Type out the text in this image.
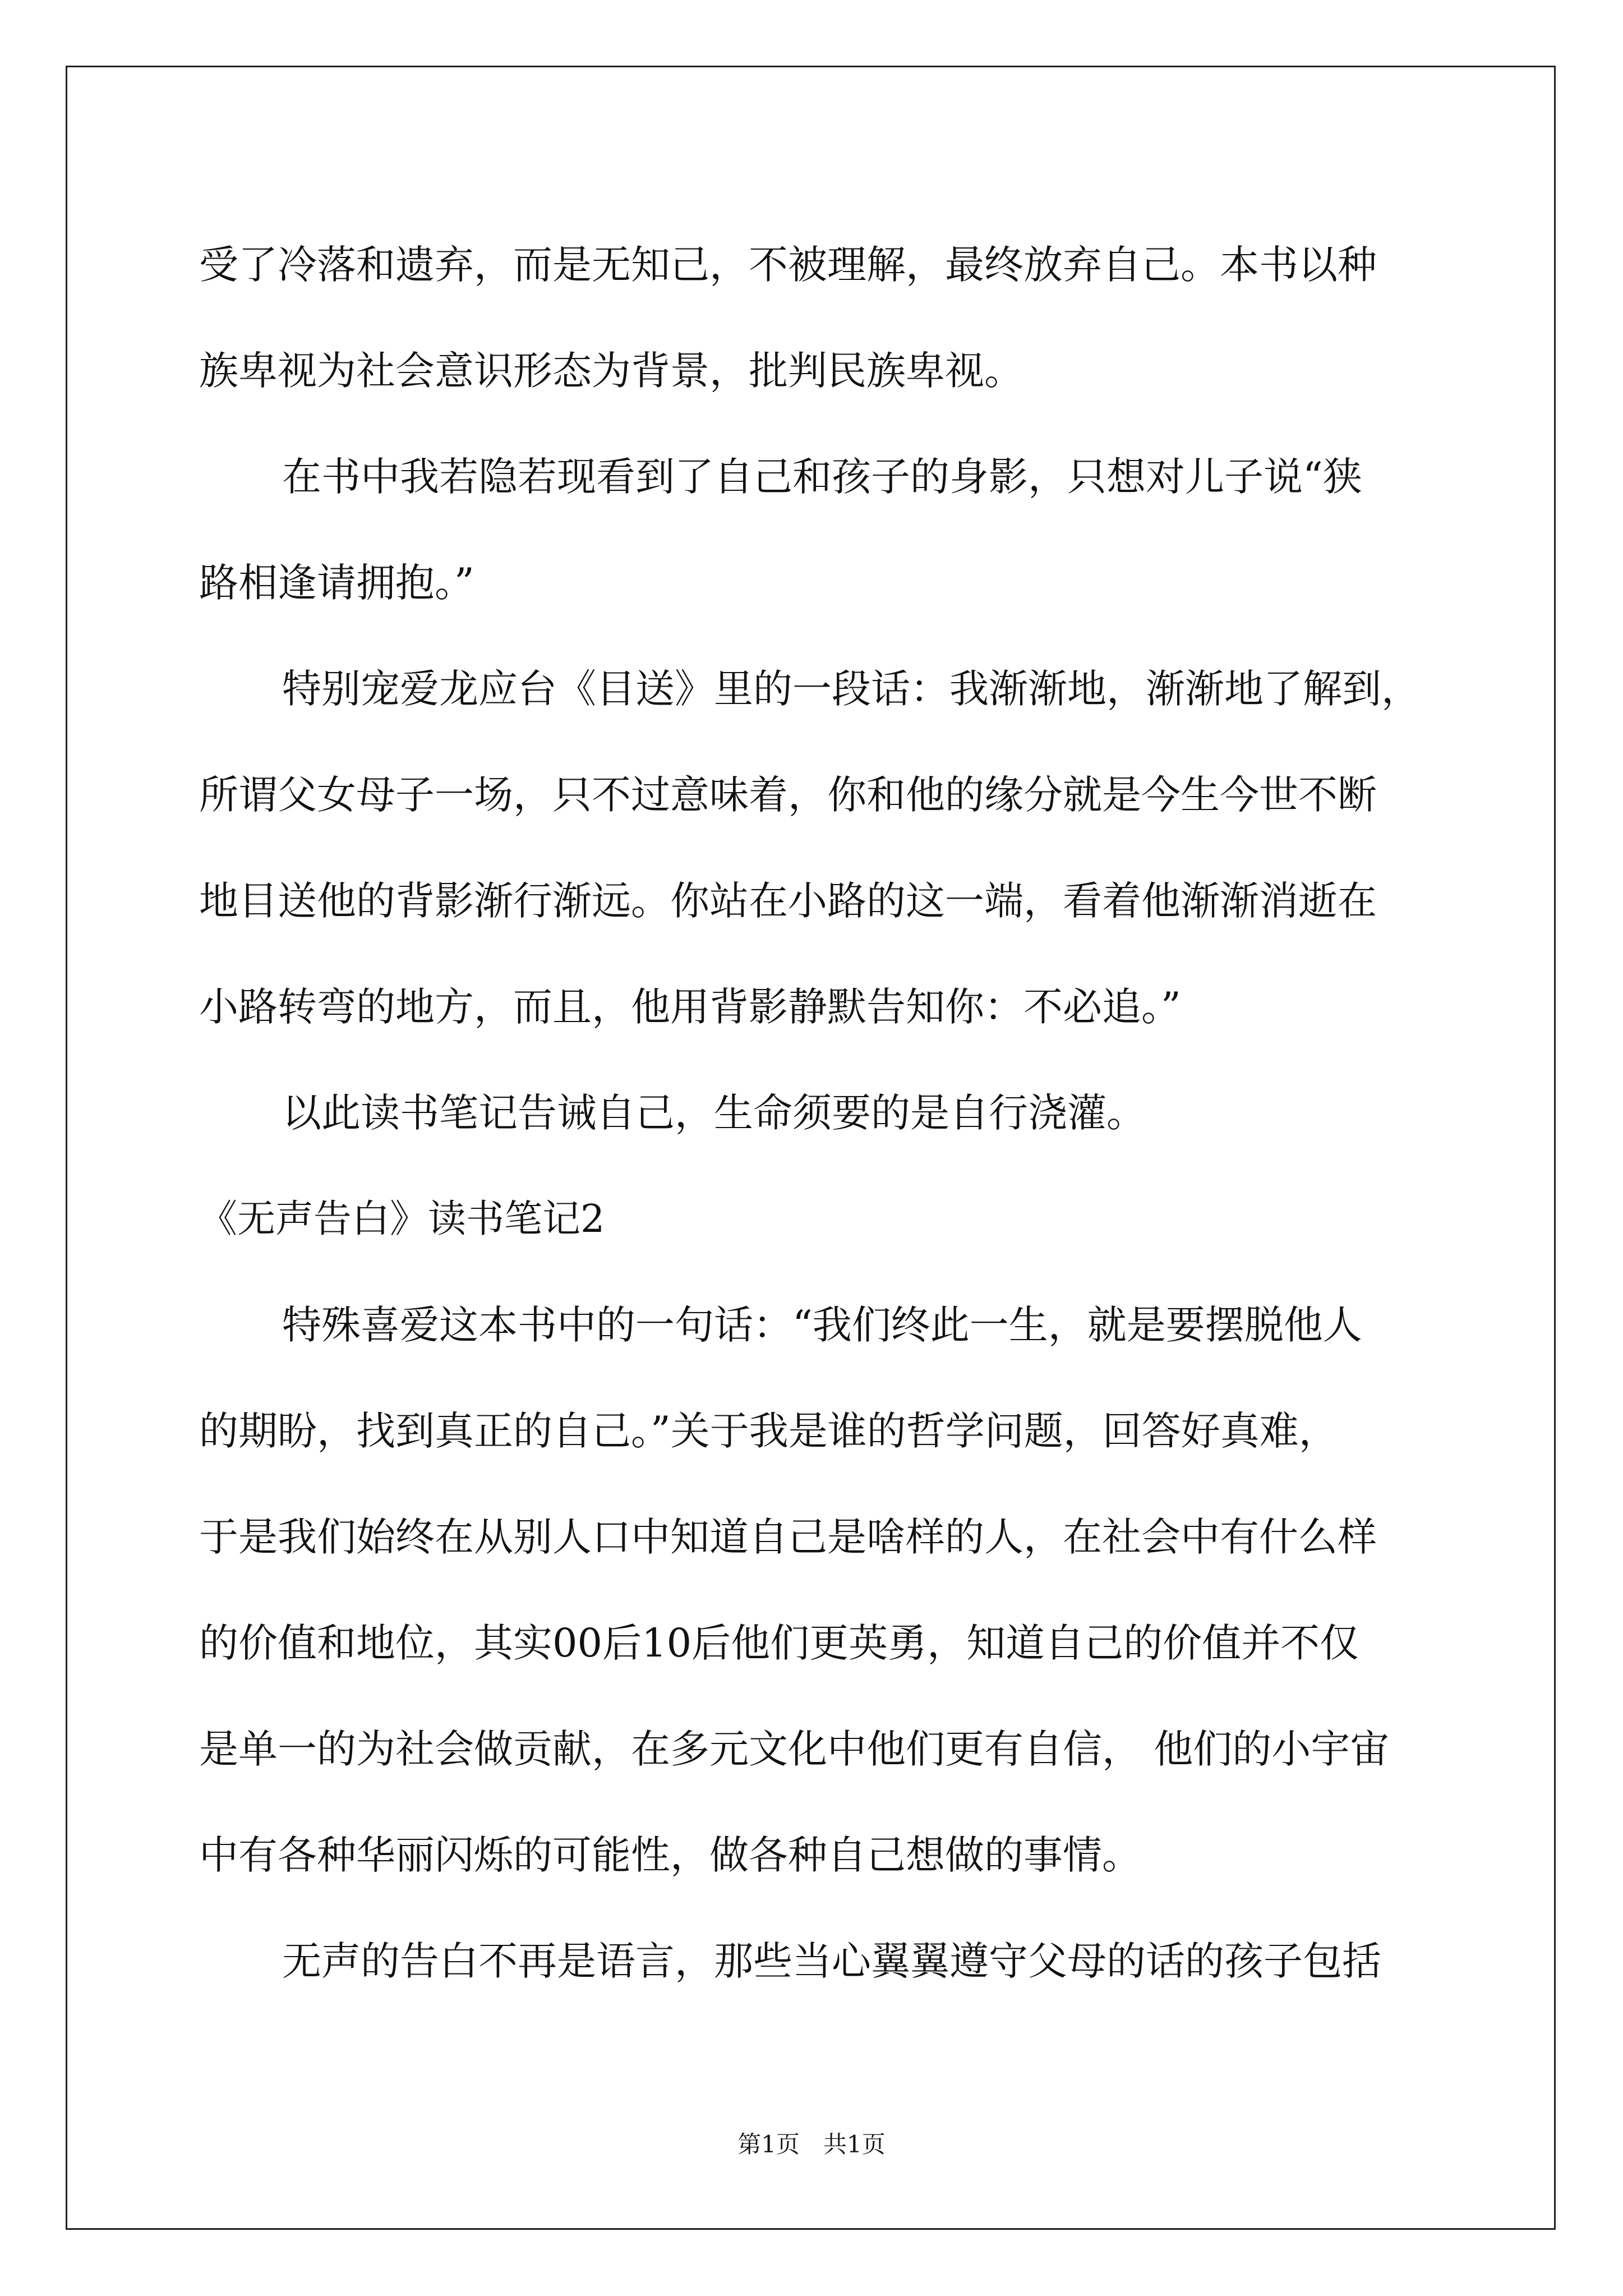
受了冷落和遗弃，而是无知己，不被理解，最终放弃自己。本书以种

族卑视为社会意识形态为背景，批判民族卑视。

在书中我若隐若现看到了自己和孩子的身影，只想对儿子说“狭

路相逢请拥抱。”

特别宠爱龙应台《目送》里的一段话：我渐渐地，渐渐地了解到，

所谓父女母子一场，只不过意味着，你和他的缘分就是今生今世不断

地目送他的背影渐行渐远。你站在小路的这一端，看着他渐渐消逝在

小路转弯的地方，而且，他用背影静默告知你：不必追。”

以此读书笔记告诫自己，生命须要的是自行浇灌。

《无声告白》读书笔记2

特殊喜爱这本书中的一句话：“我们终此一生，就是要摆脱他人

的期盼，找到真正的自己。”关于我是谁的哲学问题，回答好真难，

于是我们始终在从别人口中知道自己是啥样的人，在社会中有什么样

的价值和地位，其实00后10后他们更英勇，知道自己的价值并不仅

是单一的为社会做贡献，在多元文化中他们更有自信， 他们的小宇宙

中有各种华丽闪烁的可能性，做各种自己想做的事情。

无声的告白不再是语言，那些当心翼翼遵守父母的话的孩子包括

第1页　共1页
